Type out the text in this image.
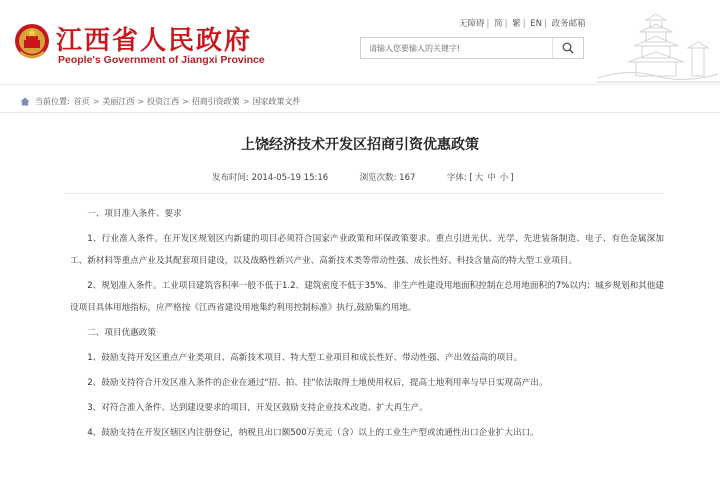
江西省人民政府
People's Government of Jiangxi Province
无障碍 | 简 | 繁 | EN | 政务邮箱
请输入您要输入的关键字!
当前位置: 首页 > 美丽江西 > 投资江西 > 招商引资政策 > 国家政策文件
上饶经济技术开发区招商引资优惠政策
发布时间: 2014-05-19 15:16	浏览次数: 167	字体: [ 大 中 小 ]

一、项目准入条件、要求

1、行业准入条件。在开发区规划区内新建的项目必须符合国家产业政策和环保政策要求。重点引进光伏、光学、先进装备制造、电子、有色金属深加工、新材料等重点产业及其配套项目建设，以及战略性新兴产业、高新技术类等带动性强、成长性好、科技含量高的特大型工业项目。

2、规划准入条件。工业项目建筑容积率一般不低于1.2、建筑密度不低于35%、非生产性建设用地面积控制在总用地面积的7%以内；城乡规划和其他建设项目具体用地指标，应严格按《江西省建设用地集约利用控制标准》执行,鼓励集约用地。

二、项目优惠政策

1、鼓励支持开发区重点产业类项目、高新技术项目、特大型工业项目和成长性好、带动性强、产出效益高的项目。

2、鼓励支持符合开发区准入条件的企业在通过"招、拍、挂"依法取得土地使用权后，提高土地利用率与早日实现高产出。

3、对符合准入条件、达到建设要求的项目，开发区鼓励支持企业技术改造、扩大再生产。

4、鼓励支持在开发区辖区内注册登记，纳税且出口额500万美元（含）以上的工业生产型或流通性出口企业扩大出口。
